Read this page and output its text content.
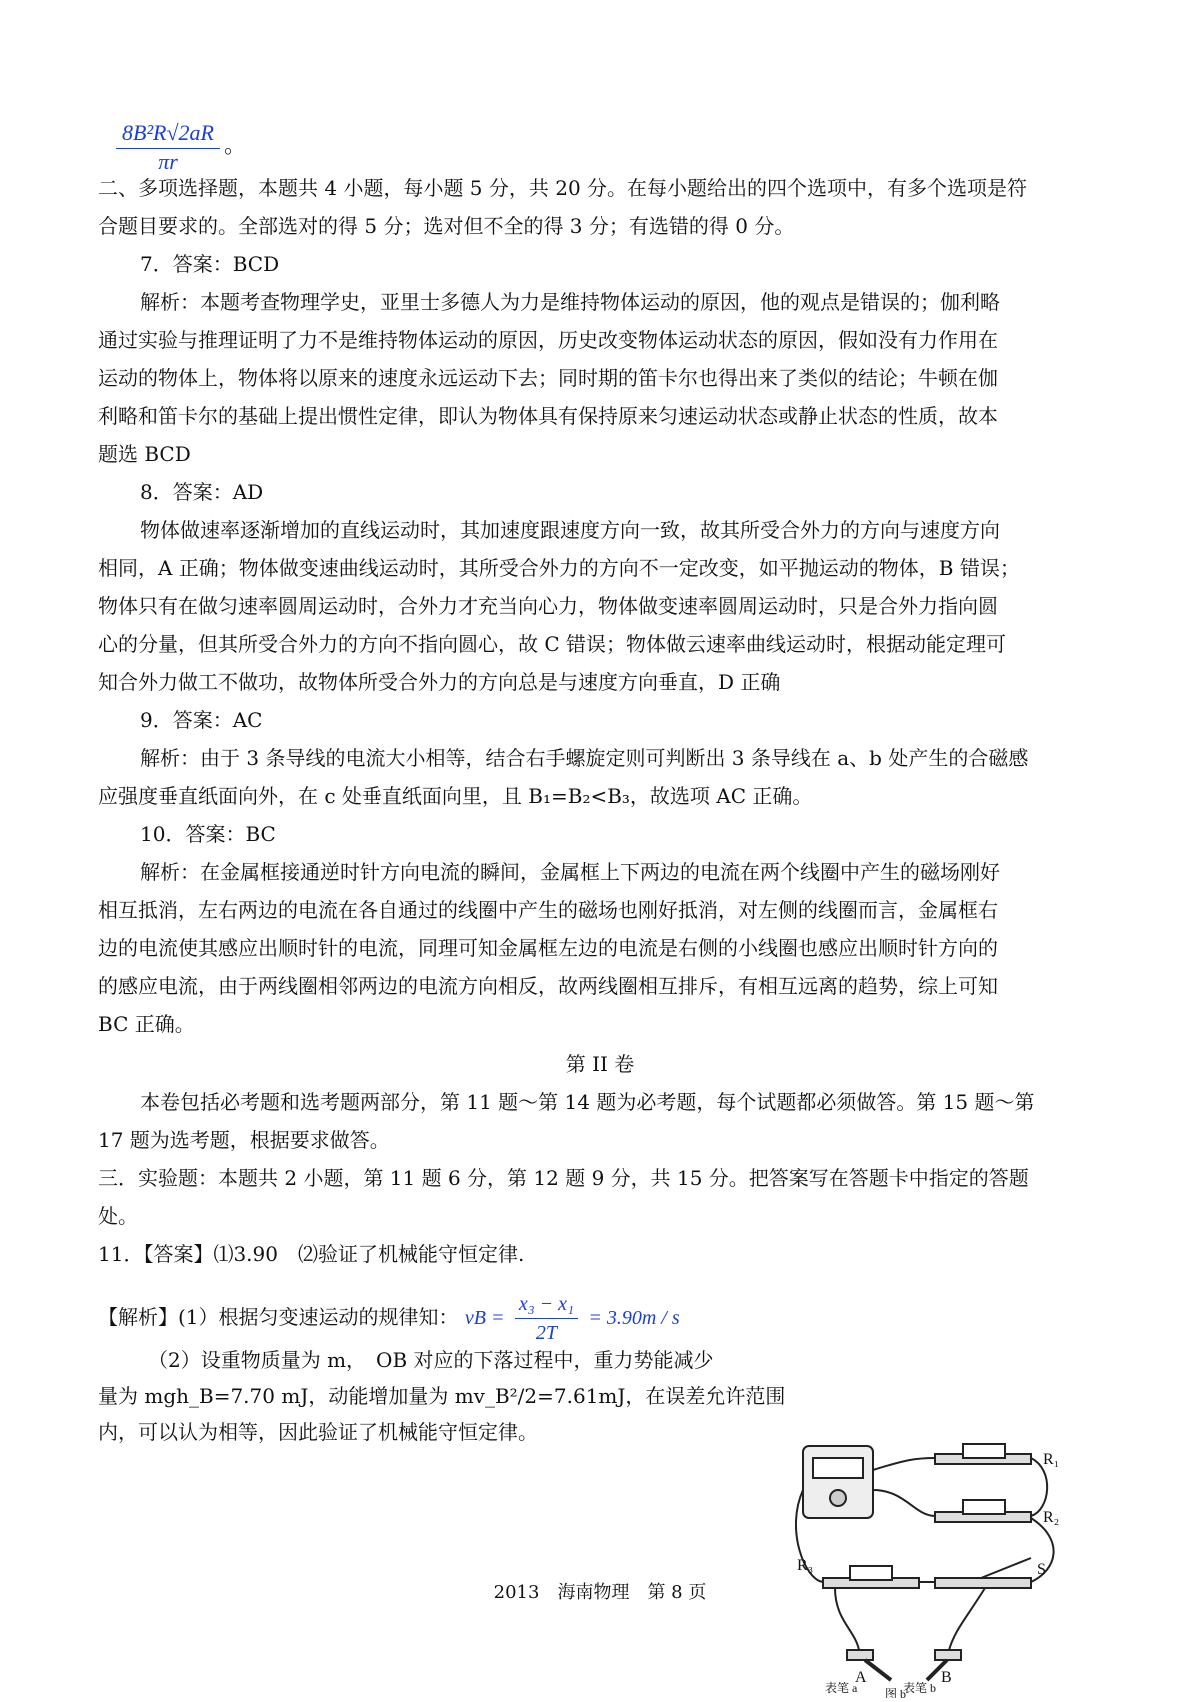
$\frac{\text{8B²R√2aR}}{\pi r}$ 。
二、多项选择题，本题共 4 小题，每小题 5 分，共 20 分。在每小题给出的四个选项中，有多个选项是符
合题目要求的。全部选对的得 5 分；选对但不全的得 3 分；有选错的得 0 分。
7．答案：BCD
解析：本题考查物理学史，亚里士多德人为力是维持物体运动的原因，他的观点是错误的；伽利略
通过实验与推理证明了力不是维持物体运动的原因，历史改变物体运动状态的原因，假如没有力作用在
运动的物体上，物体将以原来的速度永远运动下去；同时期的笛卡尔也得出来了类似的结论；牛顿在伽
利略和笛卡尔的基础上提出惯性定律，即认为物体具有保持原来匀速运动状态或静止状态的性质，故本
题选 BCD
8．答案：AD
物体做速率逐渐增加的直线运动时，其加速度跟速度方向一致，故其所受合外力的方向与速度方向
相同，A 正确；物体做变速曲线运动时，其所受合外力的方向不一定改变，如平抛运动的物体，B 错误；
物体只有在做匀速率圆周运动时，合外力才充当向心力，物体做变速率圆周运动时，只是合外力指向圆
心的分量，但其所受合外力的方向不指向圆心，故 C 错误；物体做云速率曲线运动时，根据动能定理可
知合外力做工不做功，故物体所受合外力的方向总是与速度方向垂直，D 正确
9．答案：AC
解析：由于 3 条导线的电流大小相等，结合右手螺旋定则可判断出 3 条导线在 a、b 处产生的合磁感
应强度垂直纸面向外，在 c 处垂直纸面向里，且 B₁=B₂<B₃，故选项 AC 正确。
10．答案：BC
解析：在金属框接通逆时针方向电流的瞬间，金属框上下两边的电流在两个线圈中产生的磁场刚好
相互抵消，左右两边的电流在各自通过的线圈中产生的磁场也刚好抵消，对左侧的线圈而言，金属框右
边的电流使其感应出顺时针的电流，同理可知金属框左边的电流是右侧的小线圈也感应出顺时针方向的
的感应电流，由于两线圈相邻两边的电流方向相反，故两线圈相互排斥，有相互远离的趋势，综上可知
BC 正确。
第 II 卷
本卷包括必考题和选考题两部分，第 11 题～第 14 题为必考题，每个试题都必须做答。第 15 题～第
17 题为选考题，根据要求做答。
三．实验题：本题共 2 小题，第 11 题 6 分，第 12 题 9 分，共 15 分。把答案写在答题卡中指定的答题
处。
11．【答案】⑴3.90　⑵验证了机械能守恒定律.
【解析】(1）根据匀变速运动的规律知： vB = $\frac{\text{x₃ − x₁}}{2T} = 3.90m / s$
（2）设重物质量为 m，　OB 对应的下落过程中，重力势能减少
量为 mgh_B=7.70 mJ，动能增加量为 mv_B²/2=7.61mJ，在误差允许范围
内，可以认为相等，因此验证了机械能守恒定律。
R₁
R₂
R₃	S
A	B
表笔 a	表笔 b
图 b
2013　海南物理　第 8 页
